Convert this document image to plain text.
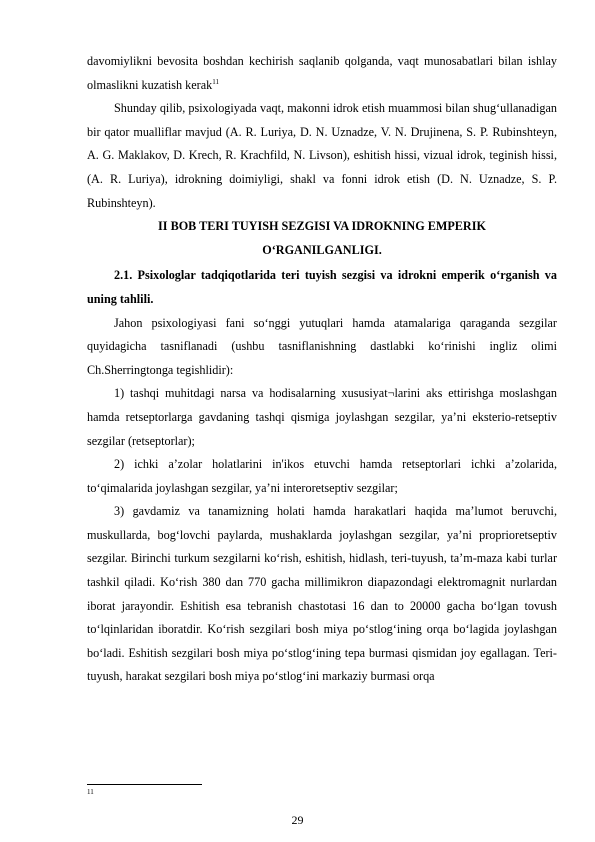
davomiylikni bevosita boshdan kechirish saqlanib qolganda, vaqt munosabatlari bilan ishlay olmaslikni kuzatish kerak$^{11}$

Shunday qilib, psixologiyada vaqt, makonni idrok etish muammosi bilan shug‘ullanadigan bir qator mualliflar mavjud (A. R. Luriya, D. N. Uznadze, V. N. Drujinena, S. P. Rubinshteyn, A. G. Maklakov, D. Krech, R. Krachfild, N. Livson), eshitish hissi, vizual idrok, teginish hissi, (A. R. Luriya), idrokning doimiyligi, shakl va fonni idrok etish (D. N. Uznadze, S. P. Rubinshteyn).

II BOB TERI TUYISH SEZGISI VA IDROKNING EMPERIK
O‘RGANILGANLIGI.

2.1. Psixologlar tadqiqotlarida teri tuyish sezgisi va idrokni emperik o‘rganish va uning tahlili.

Jahon psixologiyasi fani so‘nggi yutuqlari hamda atamalariga qaraganda sezgilar quyidagicha tasniflanadi (ushbu tasniflanishning dastlabki ko‘rinishi ingliz olimi Ch.Sherringtonga tegishlidir):

1) tashqi muhitdagi narsa va hodisalarning xususiyat¬larini aks ettirishga moslashgan hamda retseptorlarga gavdaning tashqi qismiga joylashgan sezgilar, ya’ni eksterio-retseptiv sezgilar (retseptorlar);

2) ichki a’zolar holatlarini in'ikos etuvchi hamda retseptorlari ichki a’zolarida, to‘qimalarida joylashgan sezgilar, ya’ni interoretseptiv sezgilar;

3) gavdamiz va tanamizning holati hamda harakatlari haqida ma’lumot beruvchi, muskullarda, bog‘lovchi paylarda, mushaklarda joylashgan sezgilar, ya’ni proprioretseptiv sezgilar. Birinchi turkum sezgilarni ko‘rish, eshitish, hidlash, teri-tuyush, ta’m-maza kabi turlar tashkil qiladi. Ko‘rish 380 dan 770 gacha millimikron diapazondagi elektromagnit nurlardan iborat jarayondir. Eshitish esa tebranish chastotasi 16 dan to 20000 gacha bo‘lgan tovush to‘lqinlaridan iboratdir. Ko‘rish sezgilari bosh miya po‘stlog‘ining orqa bo‘lagida joylashgan bo‘ladi. Eshitish sezgilari bosh miya po‘stlog‘ining tepa burmasi qismidan joy egallagan. Teri-tuyush, harakat sezgilari bosh miya po‘stlog‘ini markaziy burmasi orqa

11
29
